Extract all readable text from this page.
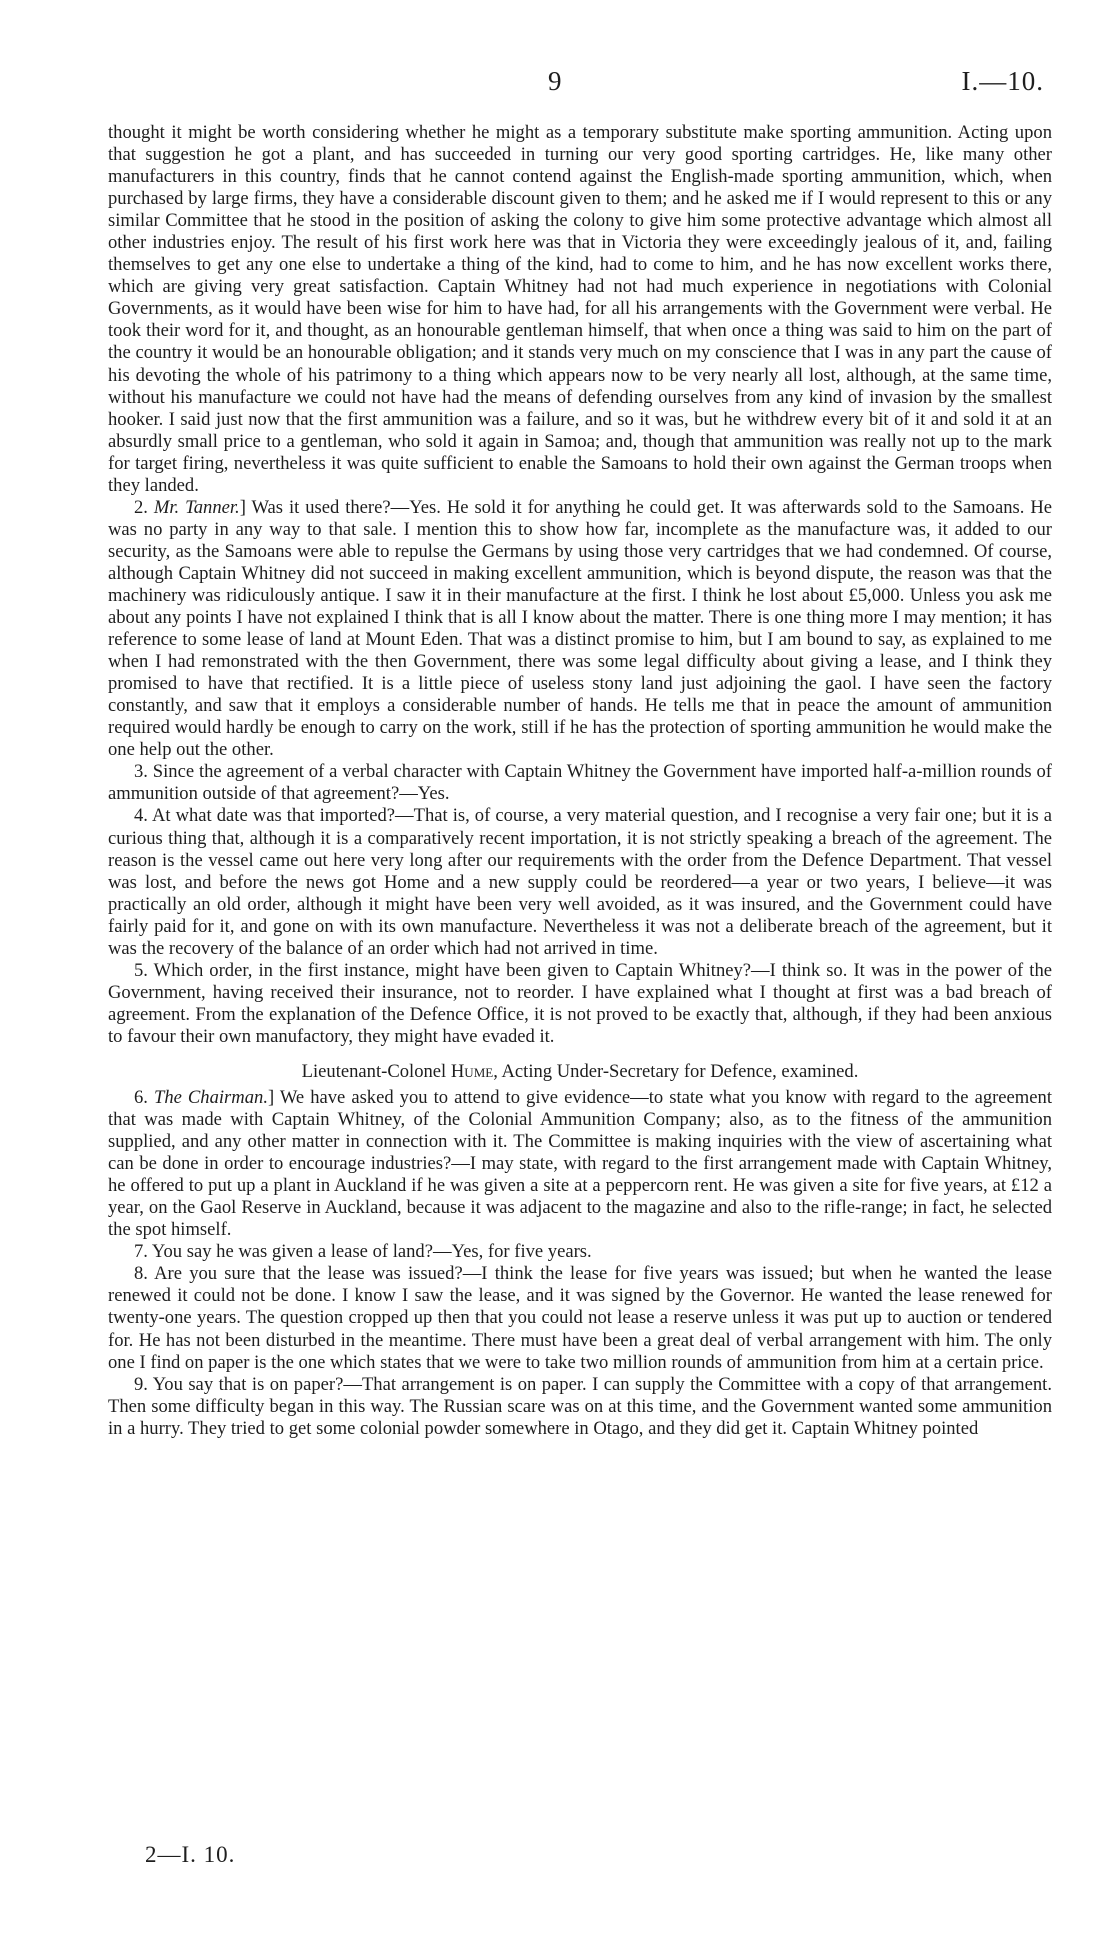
9	I.—10.

thought it might be worth considering whether he might as a temporary substitute make sporting ammunition. Acting upon that suggestion he got a plant, and has succeeded in turning our very good sporting cartridges. He, like many other manufacturers in this country, finds that he cannot contend against the English-made sporting ammunition, which, when purchased by large firms, they have a considerable discount given to them; and he asked me if I would represent to this or any similar Committee that he stood in the position of asking the colony to give him some protective advantage which almost all other industries enjoy. The result of his first work here was that in Victoria they were exceedingly jealous of it, and, failing themselves to get any one else to undertake a thing of the kind, had to come to him, and he has now excellent works there, which are giving very great satisfaction. Captain Whitney had not had much experience in negotiations with Colonial Governments, as it would have been wise for him to have had, for all his arrangements with the Government were verbal. He took their word for it, and thought, as an honourable gentleman himself, that when once a thing was said to him on the part of the country it would be an honourable obligation; and it stands very much on my conscience that I was in any part the cause of his devoting the whole of his patrimony to a thing which appears now to be very nearly all lost, although, at the same time, without his manufacture we could not have had the means of defending ourselves from any kind of invasion by the smallest hooker. I said just now that the first ammunition was a failure, and so it was, but he withdrew every bit of it and sold it at an absurdly small price to a gentleman, who sold it again in Samoa; and, though that ammunition was really not up to the mark for target firing, nevertheless it was quite sufficient to enable the Samoans to hold their own against the German troops when they landed.

2. Mr. Tanner.] Was it used there?—Yes. He sold it for anything he could get. It was afterwards sold to the Samoans. He was no party in any way to that sale. I mention this to show how far, incomplete as the manufacture was, it added to our security, as the Samoans were able to repulse the Germans by using those very cartridges that we had condemned. Of course, although Captain Whitney did not succeed in making excellent ammunition, which is beyond dispute, the reason was that the machinery was ridiculously antique. I saw it in their manufacture at the first. I think he lost about £5,000. Unless you ask me about any points I have not explained I think that is all I know about the matter. There is one thing more I may mention; it has reference to some lease of land at Mount Eden. That was a distinct promise to him, but I am bound to say, as explained to me when I had remonstrated with the then Government, there was some legal difficulty about giving a lease, and I think they promised to have that rectified. It is a little piece of useless stony land just adjoining the gaol. I have seen the factory constantly, and saw that it employs a considerable number of hands. He tells me that in peace the amount of ammunition required would hardly be enough to carry on the work, still if he has the protection of sporting ammunition he would make the one help out the other.

3. Since the agreement of a verbal character with Captain Whitney the Government have imported half-a-million rounds of ammunition outside of that agreement?—Yes.

4. At what date was that imported?—That is, of course, a very material question, and I recognise a very fair one; but it is a curious thing that, although it is a comparatively recent importation, it is not strictly speaking a breach of the agreement. The reason is the vessel came out here very long after our requirements with the order from the Defence Department. That vessel was lost, and before the news got Home and a new supply could be reordered—a year or two years, I believe—it was practically an old order, although it might have been very well avoided, as it was insured, and the Government could have fairly paid for it, and gone on with its own manufacture. Nevertheless it was not a deliberate breach of the agreement, but it was the recovery of the balance of an order which had not arrived in time.

5. Which order, in the first instance, might have been given to Captain Whitney?—I think so. It was in the power of the Government, having received their insurance, not to reorder. I have explained what I thought at first was a bad breach of agreement. From the explanation of the Defence Office, it is not proved to be exactly that, although, if they had been anxious to favour their own manufactory, they might have evaded it.

Lieutenant-Colonel Hume, Acting Under-Secretary for Defence, examined.

6. The Chairman.] We have asked you to attend to give evidence—to state what you know with regard to the agreement that was made with Captain Whitney, of the Colonial Ammunition Company; also, as to the fitness of the ammunition supplied, and any other matter in connection with it. The Committee is making inquiries with the view of ascertaining what can be done in order to encourage industries?—I may state, with regard to the first arrangement made with Captain Whitney, he offered to put up a plant in Auckland if he was given a site at a peppercorn rent. He was given a site for five years, at £12 a year, on the Gaol Reserve in Auckland, because it was adjacent to the magazine and also to the rifle-range; in fact, he selected the spot himself.

7. You say he was given a lease of land?—Yes, for five years.

8. Are you sure that the lease was issued?—I think the lease for five years was issued; but when he wanted the lease renewed it could not be done. I know I saw the lease, and it was signed by the Governor. He wanted the lease renewed for twenty-one years. The question cropped up then that you could not lease a reserve unless it was put up to auction or tendered for. He has not been disturbed in the meantime. There must have been a great deal of verbal arrangement with him. The only one I find on paper is the one which states that we were to take two million rounds of ammunition from him at a certain price.

9. You say that is on paper?—That arrangement is on paper. I can supply the Committee with a copy of that arrangement. Then some difficulty began in this way. The Russian scare was on at this time, and the Government wanted some ammunition in a hurry. They tried to get some colonial powder somewhere in Otago, and they did get it. Captain Whitney pointed

2—I. 10.
